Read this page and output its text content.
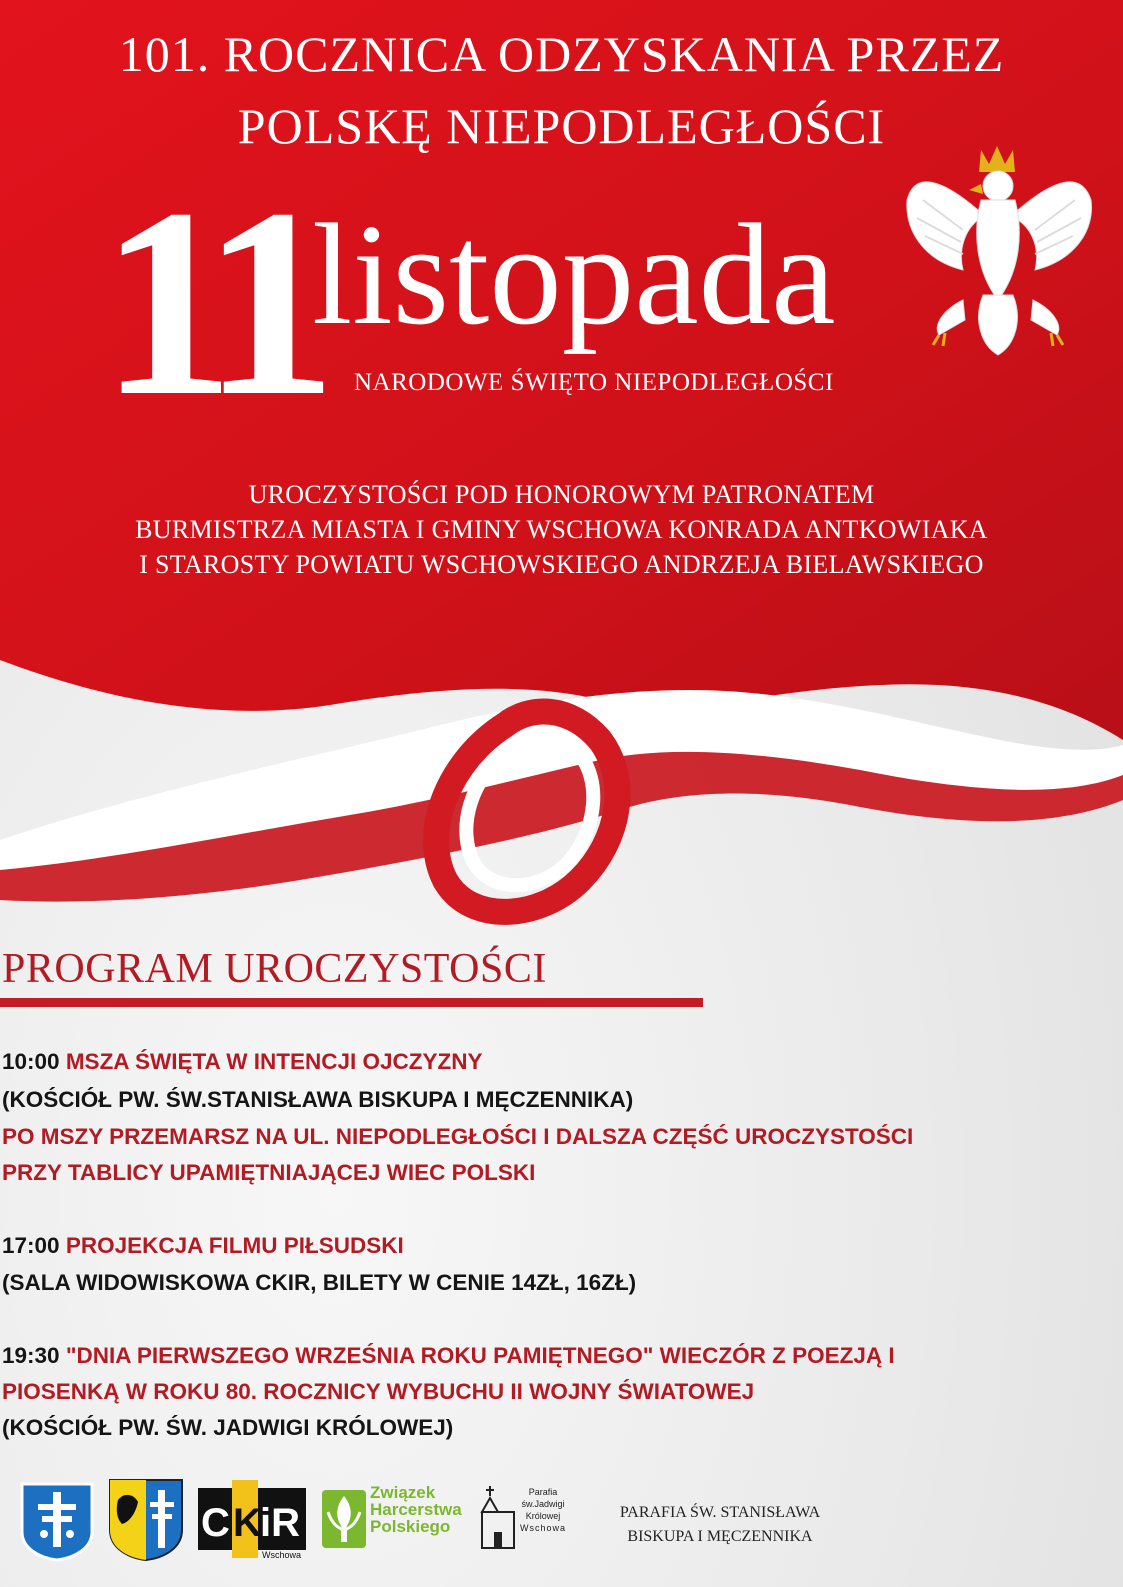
101. ROCZNICA ODZYSKANIA PRZEZ
POLSKĘ NIEPODLEGŁOŚCI
11
listopada
NARODOWE ŚWIĘTO NIEPODLEGŁOŚCI
UROCZYSTOŚCI POD HONOROWYM PATRONATEM
BURMISTRZA MIASTA I GMINY WSCHOWA KONRADA ANTKOWIAKA
I STAROSTY POWIATU WSCHOWSKIEGO ANDRZEJA BIELAWSKIEGO
PROGRAM UROCZYSTOŚCI
10:00 MSZA ŚWIĘTA W INTENCJI OJCZYZNY
(KOŚCIÓŁ PW. ŚW.STANISŁAWA BISKUPA I MĘCZENNIKA)
PO MSZY PRZEMARSZ NA UL. NIEPODLEGŁOŚCI I DALSZA CZĘŚĆ UROCZYSTOŚCI
PRZY TABLICY UPAMIĘTNIAJĄCEJ WIEC POLSKI
17:00 PROJEKCJA FILMU PIŁSUDSKI
(SALA WIDOWISKOWA CKIR, BILETY W CENIE 14ZŁ, 16ZŁ)
19:30 "DNIA PIERWSZEGO WRZEŚNIA ROKU PAMIĘTNEGO" WIECZÓR Z POEZJĄ I
PIOSENKĄ W ROKU 80. ROCZNICY WYBUCHU II WOJNY ŚWIATOWEJ
(KOŚCIÓŁ PW. ŚW. JADWIGI KRÓLOWEJ)
C K
iR
Wschowa
Związek
Harcerstwa
Polskiego
Parafia
św.Jadwigi
Królowej
Wschowa
PARAFIA ŚW. STANISŁAWA
BISKUPA I MĘCZENNIKA
